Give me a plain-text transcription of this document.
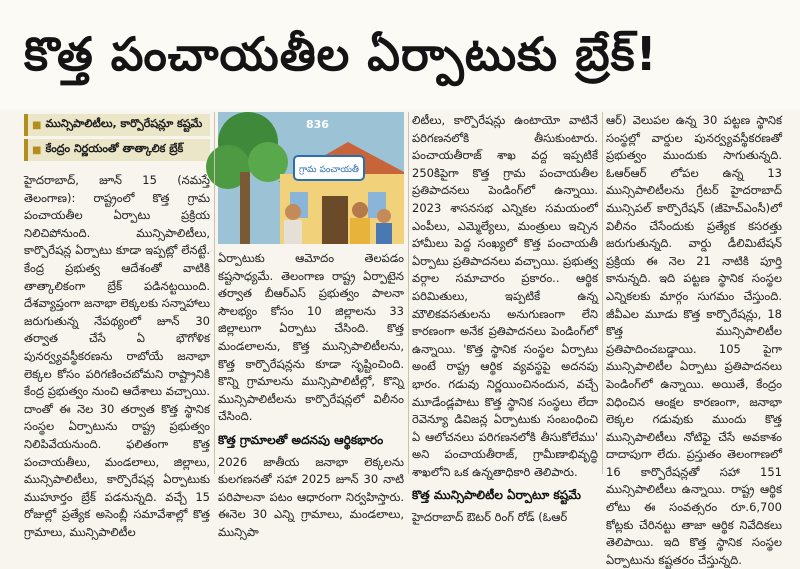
కొత్త పంచాయతీల ఏర్పాటుకు బ్రేక్!
■ మున్సిపాలిటీలు, కార్పొరేషన్లూ కష్టమే
■ కేంద్రం నిర్ణయంతో తాత్కాలిక బ్రేక్

హైదరాబాద్, జూన్ 15 (నమస్తే తెలంగాణ): రాష్ట్రంలో కొత్త గ్రామ పంచాయతీల ఏర్పాటు ప్రక్రియ నిలిచిపోనుంది. మున్సిపాలిటీలు, కార్పొరేషన్ల ఏర్పాటు కూడా ఇప్పట్లో లేనట్టే. కేంద్ర ప్రభుత్వ ఆదేశంతో వాటికి తాత్కాలికంగా బ్రేక్ పడినట్టయింది. దేశవ్యాప్తంగా జనాభా లెక్కలకు సన్నాహాలు జరుగుతున్న నేపథ్యంలో జూన్ 30 తర్వాత చేసే ఏ భౌగోళిక పునర్వ్యవస్థీకరణను రాబోయే జనాభా లెక్కల కోసం పరిగణించబోమని రాష్ట్రానికి కేంద్ర ప్రభుత్వం నుంచి ఆదేశాలు వచ్చాయి. దాంతో ఈ నెల 30 తర్వాత కొత్త స్థానిక సంస్థల ఏర్పాటును రాష్ట్ర ప్రభుత్వం నిలిపివేయనుంది. ఫలితంగా కొత్త పంచాయతీలు, మండలాలు, జిల్లాలు, మున్సిపాలిటీలు, కార్పొరేషన్ల ఏర్పాటుకు ముహూర్తం బ్రేక్ పడనున్నది. వచ్చే 15 రోజుల్లో ప్రత్యేక అసెంబ్లీ సమావేశాల్లో కొత్త గ్రామాలు, మున్సిపాలిటీల

గ్రామ పంచాయతీ
836

ఏర్పాటుకు ఆమోదం తెలపడం కష్టసాధ్యమే. తెలంగాణ రాష్ట్ర ఏర్పాటైన తర్వాత బీఆర్ఎస్ ప్రభుత్వం పాలనా సౌలభ్యం కోసం 10 జిల్లాలను 33 జిల్లాలుగా ఏర్పాటు చేసింది. కొత్త మండలాలను, కొత్త మున్సిపాలిటీలను, కొత్త కార్పొరేషన్లను కూడా సృష్టించింది. కొన్ని గ్రామాలను మున్సిపాలిటీల్లో, కొన్ని మున్సిపాలిటీలను కార్పొరేషన్లలో విలీనం చేసింది.

కొత్త గ్రామాలతో అదనపు ఆర్థికభారం

2026 జాతీయ జనాభా లెక్కలను కులగణనతో సహా 2025 జూన్ 30 నాటి పరిపాలనా పటం ఆధారంగా నిర్వహిస్తారు. ఈనెల 30 ఎన్ని గ్రామాలు, మండలాలు, మున్సిపా

లిటీలు, కార్పొరేషన్లు ఉంటాయో వాటినే పరిగణనలోకి తీసుకుంటారు. పంచాయతీరాజ్ శాఖ వద్ద ఇప్పటికే 250కిపైగా కొత్త గ్రామ పంచాయతీల ప్రతిపాదనలు పెండింగ్‌లో ఉన్నాయి. 2023 శాసనసభ ఎన్నికల సమయంలో ఎంపీలు, ఎమ్మెల్యేలు, మంత్రులు ఇచ్చిన హామీలు పెద్ద సంఖ్యలో కొత్త పంచాయతీ ఏర్పాటు ప్రతిపాదనలు వచ్చాయి. ప్రభుత్వ వర్గాల సమాచారం ప్రకారం.. ఆర్థిక పరిమితులు, ఇప్పటికే ఉన్న మౌలికవసతులను అనుగుణంగా లేని కారణంగా అనేక ప్రతిపాదనలు పెండింగ్‌లో ఉన్నాయి. 'కొత్త స్థానిక సంస్థల ఏర్పాటు అంటే రాష్ట్ర ఆర్థిక వ్యవస్థపై అదనపు భారం. గడువు నిర్ణయించినందున, వచ్చే మూడేండ్లపాటు కొత్త స్థానిక సంస్థలు లేదా రెవెన్యూ డివిజన్ల ఏర్పాటుకు సంబంధించి ఏ ఆలోచనలు పరిగణనలోకి తీసుకోలేము' అని పంచాయతీరాజ్, గ్రామీణాభివృద్ధి శాఖలోని ఒక ఉన్నతాధికారి తెలిపారు.

కొత్త మున్సిపాలిటీల ఏర్పాటూ కష్టమే

హైదరాబాద్ ఔటర్ రింగ్ రోడ్ (ఓఆర్

ఆర్) వెలుపల ఉన్న 30 పట్టణ స్థానిక సంస్థల్లో వార్డుల పునర్వ్యవస్థీకరణతో ప్రభుత్వం ముందుకు సాగుతున్నది. ఓఆర్ఆర్ లోపల ఉన్న 13 మున్సిపాలిటీలను గ్రేటర్ హైదరాబాద్ మున్సిపల్ కార్పొరేషన్ (జీహెచ్ఎంసీ)లో విలీనం చేసేందుకు ప్రత్యేక కసరత్తు జరుగుతున్నది. వార్డు డీలిమిటేషన్ ప్రక్రియ ఈ నెల 21 నాటికి పూర్తి కానున్నది. ఇది పట్టణ స్థానిక సంస్థల ఎన్నికలకు మార్గం సుగమం చేస్తుంది. జీవీఎల మూడు కొత్త కార్పొరేషన్లు, 18 కొత్త మున్సిపాలిటీల ప్రతిపాదించబడ్డాయి. 105 పైగా మున్సిపాలిటీల ఏర్పాటు ప్రతిపాదనలు పెండింగ్‌లో ఉన్నాయి. అయితే, కేంద్రం విధించిన ఆంక్షల కారణంగా, జనాభా లెక్కల గడువుకు ముందు కొత్త మున్సిపాలిటీలు నోటిఫై చేసే అవకాశం దాదాపుగా లేదు. ప్రస్తుతం తెలంగాణలో 16 కార్పొరేషన్లతో సహా 151 మున్సిపాలిటీలు ఉన్నాయి. రాష్ట్ర ఆర్థిక లోటు ఈ సంవత్సరం రూ.6,700 కోట్లకు చేరినట్టు తాజా ఆర్థిక నివేదికలు తెలిపాయి. ఇది కొత్త స్థానిక సంస్థల ఏర్పాటును కష్టతరం చేస్తున్నది.
